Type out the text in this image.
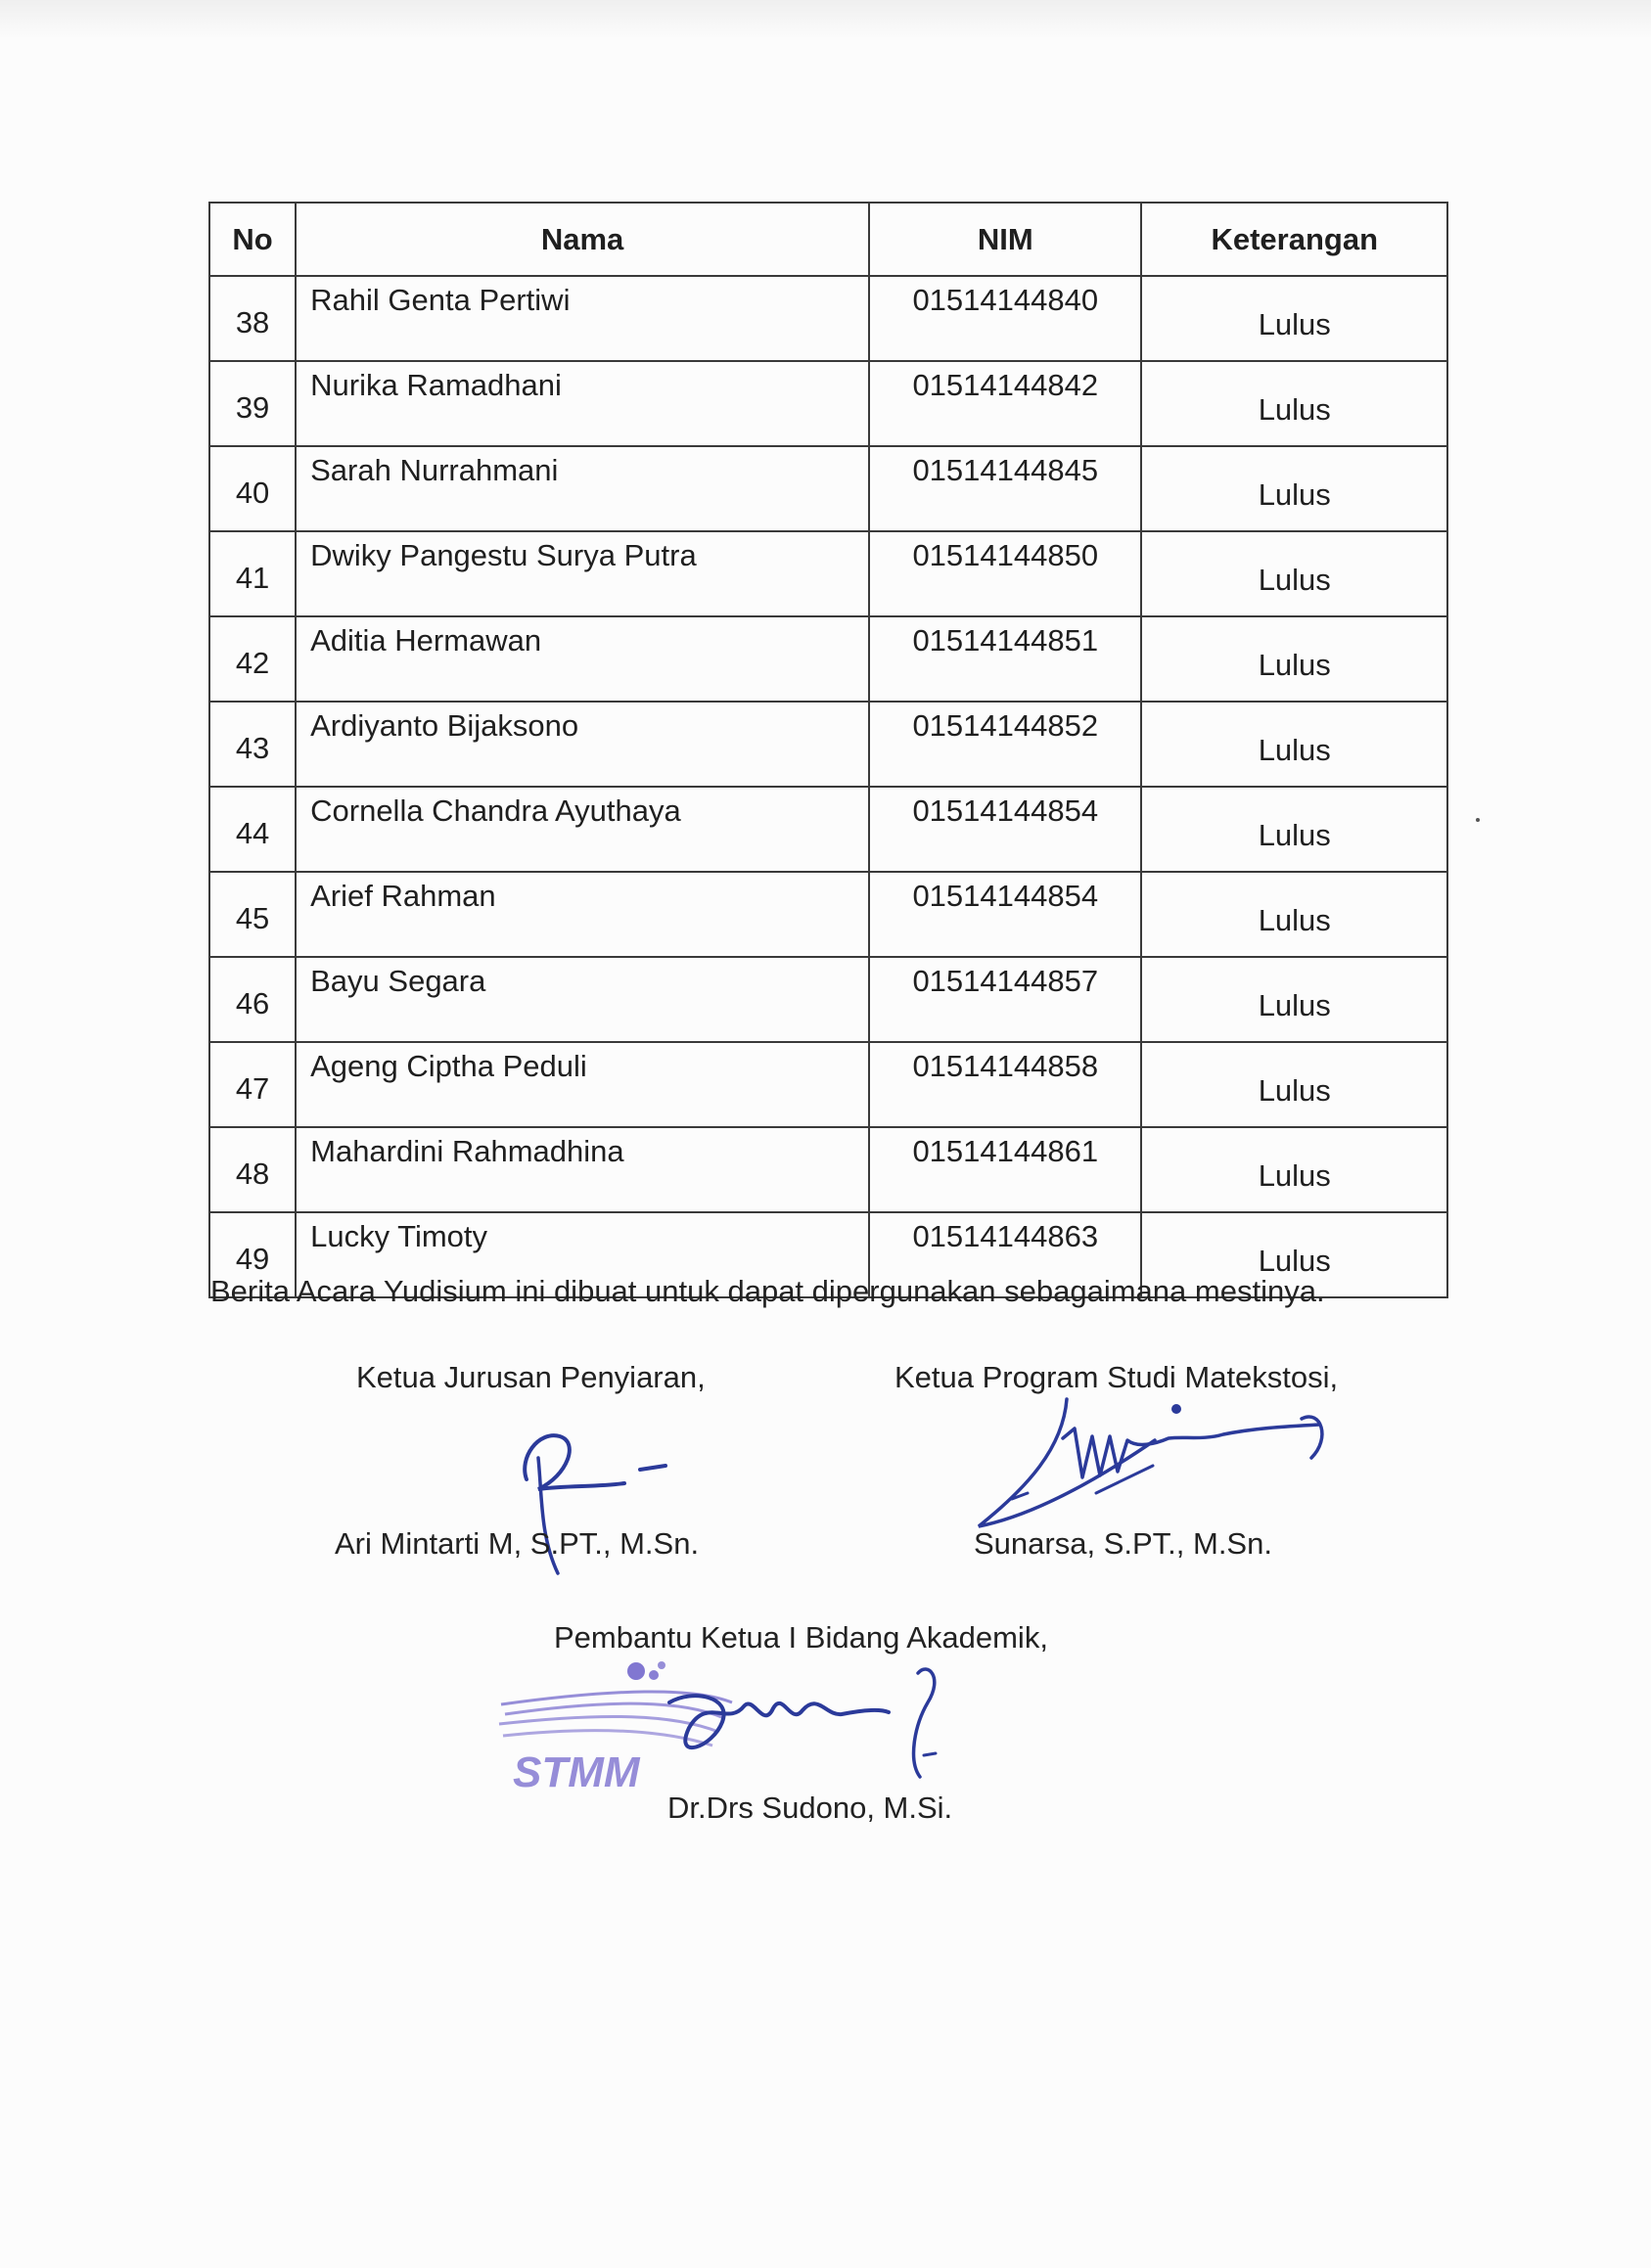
No	Nama	NIM	Keterangan
38	Rahil Genta Pertiwi	01514144840	Lulus
39	Nurika Ramadhani	01514144842	Lulus
40	Sarah Nurrahmani	01514144845	Lulus
41	Dwiky Pangestu Surya Putra	01514144850	Lulus
42	Aditia Hermawan	01514144851	Lulus
43	Ardiyanto Bijaksono	01514144852	Lulus
44	Cornella Chandra Ayuthaya	01514144854	Lulus
45	Arief Rahman	01514144854	Lulus
46	Bayu Segara	01514144857	Lulus
47	Ageng Ciptha Peduli	01514144858	Lulus
48	Mahardini Rahmadhina	01514144861	Lulus
49	Lucky Timoty	01514144863	Lulus
Berita Acara Yudisium ini dibuat untuk dapat dipergunakan sebagaimana mestinya.
Ketua Jurusan Penyiaran,
Ari Mintarti M, S.PT., M.Sn.
Ketua Program Studi Matekstosi,
Sunarsa, S.PT., M.Sn.
Pembantu Ketua I Bidang Akademik,
STMM
Dr.Drs Sudono, M.Si.
